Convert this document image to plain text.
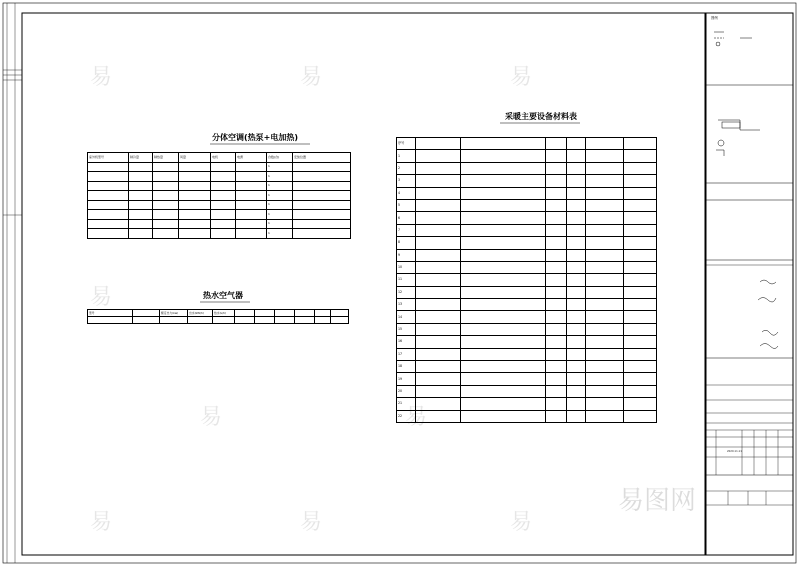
易	易	易
易
易	易
易	易	易
易图网
分体空调(热泵+电加热)
室外机型号	制冷量	制热量	风量	电机	电源	台数(台)	安装位置
						1	
						1	
						1	
						1	
						1	
						1	
						1	
						1	
热水空气器
型号		额定出力(kw)	出水(kW/h)	热水(L/h)						

采暖主要设备材料表
序号						
1						
2						
3						
4						
5						
6						
7						
8						
9						
10						
11						
12						
13						
14						
15						
16						
17						
18						
19						
20						
21						
22						
图例
2020.11.11
